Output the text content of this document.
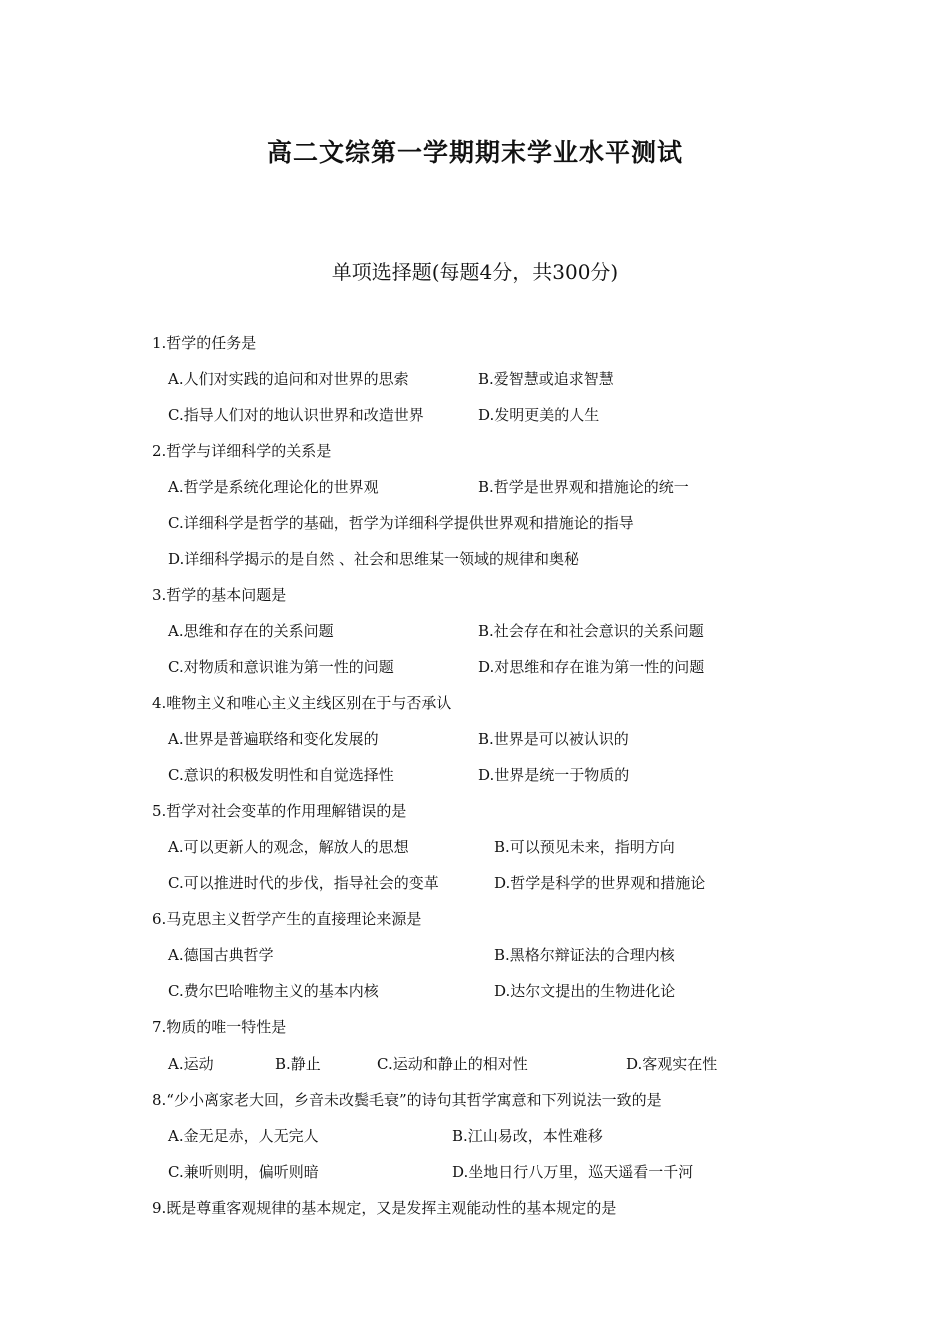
高二文综第一学期期末学业水平测试
单项选择题(每题4分，共300分)
1.哲学的任务是
A.人们对实践的追问和对世界的思索	B.爱智慧或追求智慧
C.指导人们对的地认识世界和改造世界	D.发明更美的人生
2.哲学与详细科学的关系是
A.哲学是系统化理论化的世界观	B.哲学是世界观和措施论的统一
C.详细科学是哲学的基础，哲学为详细科学提供世界观和措施论的指导
D.详细科学揭示的是自然 、社会和思维某一领域的规律和奥秘
3.哲学的基本问题是
A.思维和存在的关系问题	B.社会存在和社会意识的关系问题
C.对物质和意识谁为第一性的问题	D.对思维和存在谁为第一性的问题
4.唯物主义和唯心主义主线区别在于与否承认
A.世界是普遍联络和变化发展的	B.世界是可以被认识的
C.意识的积极发明性和自觉选择性	D.世界是统一于物质的
5.哲学对社会变革的作用理解错误的是
A.可以更新人的观念，解放人的思想	B.可以预见未来，指明方向
C.可以推进时代的步伐，指导社会的变革	D.哲学是科学的世界观和措施论
6.马克思主义哲学产生的直接理论来源是
A.德国古典哲学	B.黑格尔辩证法的合理内核
C.费尔巴哈唯物主义的基本内核	D.达尔文提出的生物进化论
7.物质的唯一特性是
A.运动	B.静止	C.运动和静止的相对性	D.客观实在性
8.“少小离家老大回，乡音未改鬓毛衰”的诗句其哲学寓意和下列说法一致的是
A.金无足赤，人无完人	B.江山易改，本性难移
C.兼听则明，偏听则暗	D.坐地日行八万里，巡天遥看一千河
9.既是尊重客观规律的基本规定，又是发挥主观能动性的基本规定的是
